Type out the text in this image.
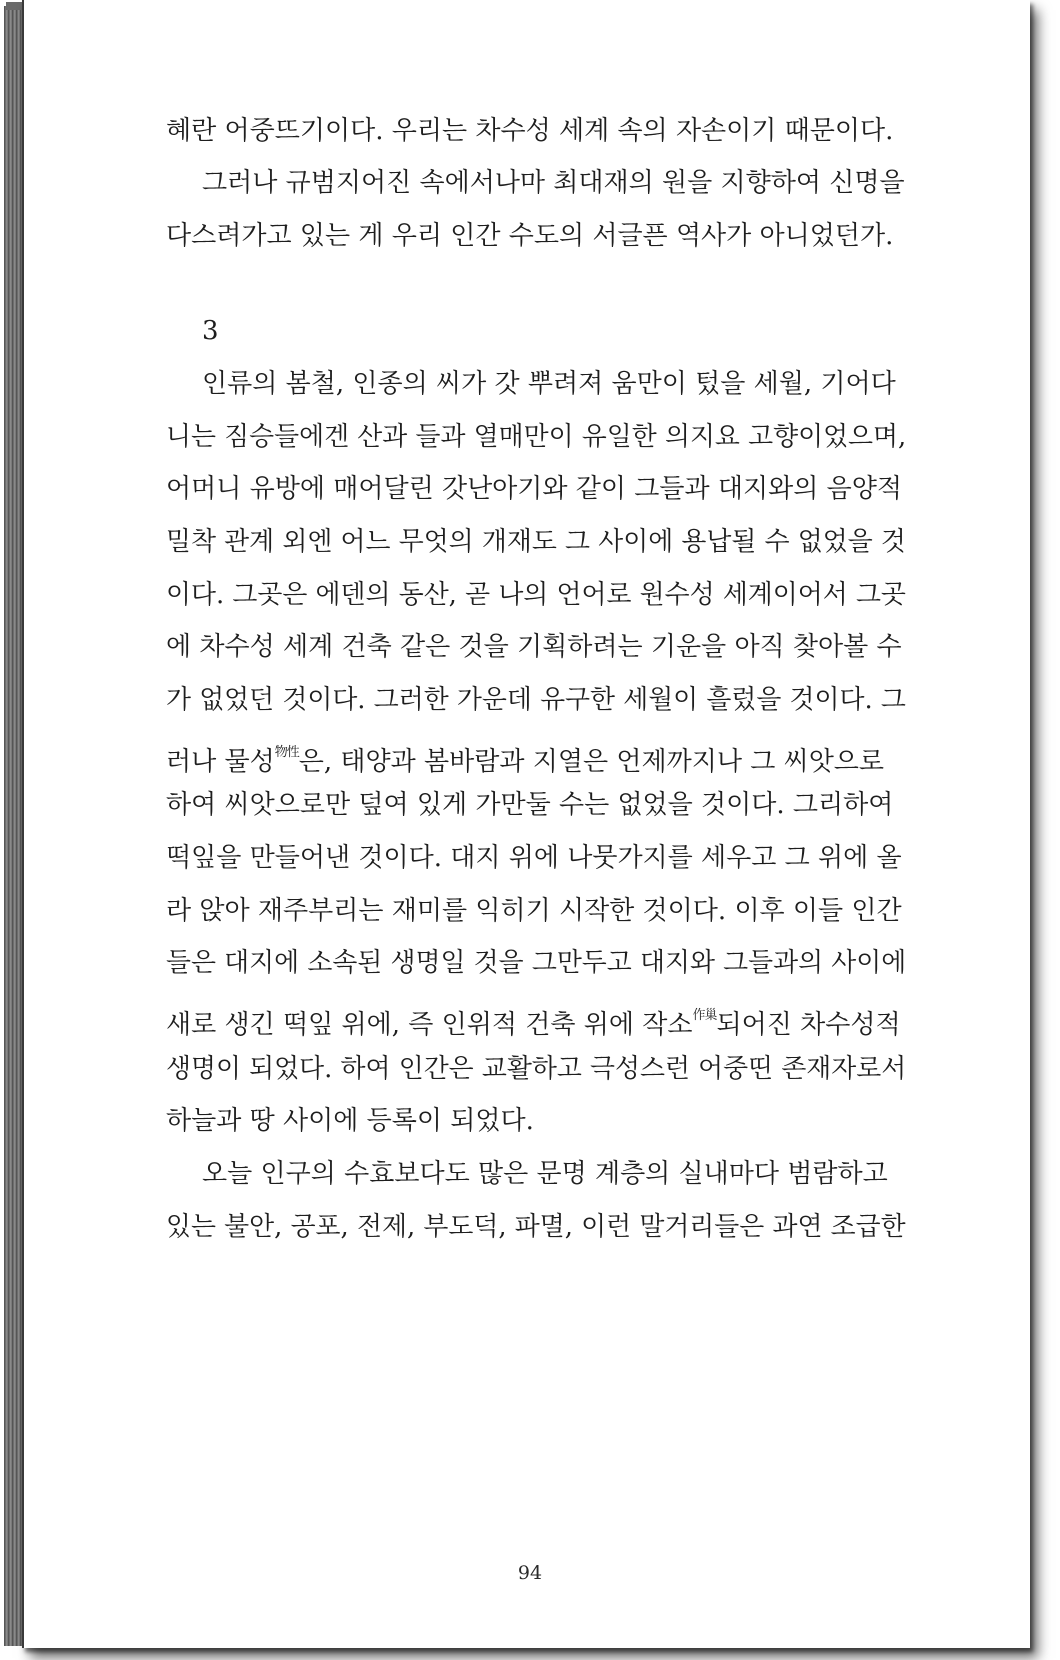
혜란 어중뜨기이다. 우리는 차수성 세계 속의 자손이기 때문이다.
그러나 규범지어진 속에서나마 최대재의 원을 지향하여 신명을
다스려가고 있는 게 우리 인간 수도의 서글픈 역사가 아니었던가.
3
인류의 봄철, 인종의 씨가 갓 뿌려져 움만이 텄을 세월, 기어다
니는 짐승들에겐 산과 들과 열매만이 유일한 의지요 고향이었으며,
어머니 유방에 매어달린 갓난아기와 같이 그들과 대지와의 음양적
밀착 관계 외엔 어느 무엇의 개재도 그 사이에 용납될 수 없었을 것
이다. 그곳은 에덴의 동산, 곧 나의 언어로 원수성 세계이어서 그곳
에 차수성 세계 건축 같은 것을 기획하려는 기운을 아직 찾아볼 수
가 없었던 것이다. 그러한 가운데 유구한 세월이 흘렀을 것이다. 그
러나 물성$^{物性}$은, 태양과 봄바람과 지열은 언제까지나 그 씨앗으로
하여 씨앗으로만 덮여 있게 가만둘 수는 없었을 것이다. 그리하여
떡잎을 만들어낸 것이다. 대지 위에 나뭇가지를 세우고 그 위에 올
라 앉아 재주부리는 재미를 익히기 시작한 것이다. 이후 이들 인간
들은 대지에 소속된 생명일 것을 그만두고 대지와 그들과의 사이에
새로 생긴 떡잎 위에, 즉 인위적 건축 위에 작소$^{作巢}$되어진 차수성적
생명이 되었다. 하여 인간은 교활하고 극성스런 어중띤 존재자로서
하늘과 땅 사이에 등록이 되었다.
오늘 인구의 수효보다도 많은 문명 계층의 실내마다 범람하고
있는 불안, 공포, 전제, 부도덕, 파멸, 이런 말거리들은 과연 조급한
94
